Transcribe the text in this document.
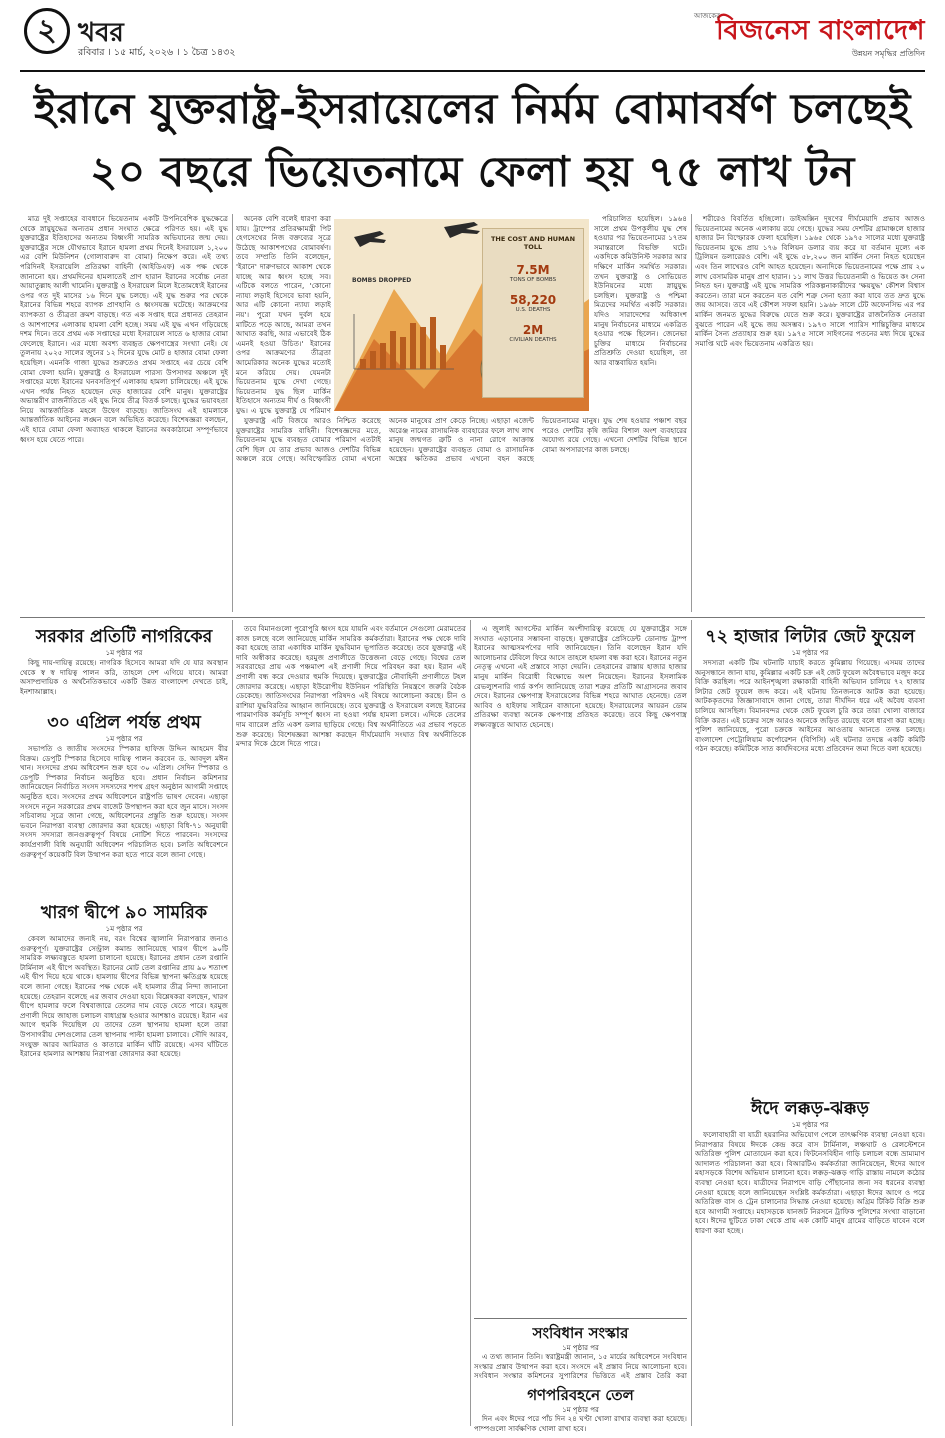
২ খবর
রবিবার । ১৫ মার্চ, ২০২৬ । ১ চৈত্র ১৪৩২
আজকের
বিজনেস বাংলাদেশ
উন্নয়ন সমৃদ্ধির প্রতিদিন
ইরানে যুক্তরাষ্ট্র-ইসরায়েলের নির্মম বোমাবর্ষণ চলছেই
২০ বছরে ভিয়েতনামে ফেলা হয় ৭৫ লাখ টন

মাত্র দুই সপ্তাহের ব্যবধানে ভিয়েতনাম একটি উপনিবেশিক যুদ্ধক্ষেত্রে থেকে স্নায়ুযুদ্ধের অন্যতম প্রধান সংঘাত ক্ষেত্রে পরিণত হয়। এই যুদ্ধ যুক্তরাষ্ট্রের ইতিহাসের অন্যতম বিধ্বংসী সামরিক অভিযানের জন্ম দেয়। যুক্তরাষ্ট্রের সঙ্গে যৌথভাবে ইরানে হামলা প্রথম দিনেই ইসরায়েল ১,২০০ এর বেশি মিউনিশন (গোলাবারুদ বা বোমা) নিক্ষেপ করে। এই তথ্য পরিদিনই ইসরায়েলি প্রতিরক্ষা বাহিনী (আইডিএফ) এক পক্ষ থেকে জানানো হয়। প্রথমদিনের হামলাতেই প্রাণ হারান ইরানের সর্বোচ্চ নেতা আয়াতুল্লাহ আলী খামেনি। যুক্তরাষ্ট্র ও ইসরায়েল মিলে ইতোমধ্যেই ইরানের ওপর গত দুই মাসের ১৬ দিনে যুদ্ধ চলছে। এই যুদ্ধ শুরুর পর থেকে ইরানের বিভিন্ন শহরে ব্যাপক প্রাণহানি ও ধ্বংসযজ্ঞ ঘটেছে। আক্রমণের ব্যাপকতা ও তীব্রতা ক্রমশ বাড়ছে। গত এক সপ্তাহ ধরে প্রধানত তেহরান ও আশপাশের এলাকায় হামলা বেশি হচ্ছে। সময় এই যুদ্ধ এখন গড়িয়েছে দশম দিনে। তবে প্রথম এক সপ্তাহের মধ্যে ইসরায়েল সাতে ৬ হাজার বোমা ফেলেছে ইরানে। এর মধ্যে অবশ্য ব্যবহৃত ক্ষেপণাস্ত্রের সংখ্যা নেই। যে তুলনায় ২০২৫ সালের জুনের ১২ দিনের যুদ্ধে মোট ৪ হাজার বোমা ফেলা হয়েছিল। এমনকি গাজা যুদ্ধের শুরুতেও প্রথম সপ্তাহে এর চেয়ে বেশি বোমা ফেলা হয়নি। যুক্তরাষ্ট্র ও ইসরায়েল পারস্য উপসাগর অঞ্চলে দুই সপ্তাহের মধ্যে ইরানের ঘনবসতিপূর্ণ এলাকায় হামলা চালিয়েছে। এই যুদ্ধে এখন পর্যন্ত নিহত হয়েছেন দেড় হাজারের বেশি মানুষ। যুক্তরাষ্ট্রের অভ্যন্তরীণ রাজনীতিতে এই যুদ্ধ নিয়ে তীব্র বিতর্ক চলছে। যুদ্ধের ভয়াবহতা নিয়ে আন্তর্জাতিক মহলে উদ্বেগ বাড়ছে। জাতিসংঘ এই হামলাকে আন্তর্জাতিক আইনের লঙ্ঘন বলে অভিহিত করেছে। বিশেষজ্ঞরা বলছেন, এই হারে বোমা ফেলা অব্যাহত থাকলে ইরানের অবকাঠামো সম্পূর্ণভাবে ধ্বংস হয়ে যেতে পারে।

অনেক বেশি বলেই ধারণা করা যায়। ট্রাম্পের প্রতিরক্ষামন্ত্রী পিট হেগসেথের নিজ বক্তব্যের সূত্রে উঠেছে আকাশপথের বোমাবর্ষণ। তবে সম্প্রতি তিনি বলেছেন, 'ইরানে' দারুণভাবে আকাশ থেকে যাচ্ছে আর ধ্বংস হচ্ছে সব। এটিকে বলতে পারেন, 'কোনো ন্যায্য লড়াই হিসেবে ভাবা হয়নি, আর এটি কোনো ন্যায্য লড়াই নয়'। পুরো যখন দুর্বল হয়ে মাটিতে পড়ে আছে, আমরা তখন আঘাত করছি, আর এভাবেই ঠিক এমনই হওয়া উচিত।' ইরানের ওপর আক্রমণের তীব্রতা আমেরিকার অনেক যুদ্ধের মতোই মনে করিয়ে দেয়। যেমনটা ভিয়েতনাম যুদ্ধে দেখা গেছে। ভিয়েতনাম যুদ্ধ ছিল মার্কিন ইতিহাসে অন্যতম দীর্ঘ ও বিধ্বংসী যুদ্ধ। এ যুদ্ধে যুক্তরাষ্ট্র যে পরিমাণ

BOMBS DROPPED
THE COST AND HUMAN TOLL
7.5M
TONS OF BOMBS
58,220
U.S. DEATHS
2M
CIVILIAN DEATHS

পরিচালিত হয়েছিল। ১৯৬৪ সালে প্রথম উপকূলীয় যুদ্ধ শেষ হওয়ার পর ভিয়েতনামের ১৭তম সমান্তরালে বিভক্তি ঘটে। একদিকে কমিউনিস্ট সরকার আর দক্ষিণে মার্কিন সমর্থিত সরকার। তখন যুক্তরাষ্ট্র ও সোভিয়েত ইউনিয়নের মধ্যে স্নায়ুযুদ্ধ চলছিল। যুক্তরাষ্ট্র ও পশ্চিমা মিত্রদের সমর্থিত একটি সরকার। যদিও সারাদেশের অধিকাংশ মানুষ নির্বাচনের মাধ্যমে একত্রিত হওয়ার পক্ষে ছিলেন। জেনেভা চুক্তির মাধ্যমে নির্বাচনের প্রতিশ্রুতি দেওয়া হয়েছিল, তা আর বাস্তবায়িত হয়নি।

যুক্তরাষ্ট্র এটি বিজয়ে আরও নিশ্চিত করেছে যুক্তরাষ্ট্রের সামরিক বাহিনী। বিশেষজ্ঞদের মতে, ভিয়েতনাম যুদ্ধে ব্যবহৃত বোমার পরিমাণ এতটাই বেশি ছিল যে তার প্রভাব আজও দেশটির বিভিন্ন অঞ্চলে রয়ে গেছে। অবিস্ফোরিত বোমা এখনো অনেক মানুষের প্রাণ কেড়ে নিচ্ছে। এছাড়া এজেন্ট অরেঞ্জ নামের রাসায়নিক ব্যবহারের ফলে লাখ লাখ মানুষ জন্মগত ত্রুটি ও নানা রোগে আক্রান্ত হয়েছেন। যুক্তরাষ্ট্রের ব্যবহৃত বোমা ও রাসায়নিক অস্ত্রের ক্ষতিকর প্রভাব এখনো বহন করছে ভিয়েতনামের মানুষ। যুদ্ধ শেষ হওয়ার পঞ্চাশ বছর পরেও দেশটির কৃষি জমির বিশাল অংশ ব্যবহারের অযোগ্য রয়ে গেছে। এখনো দেশটির বিভিন্ন স্থানে বোমা অপসারণের কাজ চলছে।

শরীরেও বিবর্তিত হচ্ছিলো। ডাইঅক্সিন দূষণের দীর্ঘমেয়াদি প্রভাব আজও ভিয়েতনামের অনেক এলাকায় রয়ে গেছে। যুদ্ধের সময় দেশটির গ্রামাঞ্চলে হাজার হাজার টন বিস্ফোরক ফেলা হয়েছিল। ১৯৬৫ থেকে ১৯৭৫ সালের মধ্যে যুক্তরাষ্ট্র ভিয়েতনাম যুদ্ধে প্রায় ১৭৬ বিলিয়ন ডলার ব্যয় করে যা বর্তমান মূল্যে এক ট্রিলিয়ন ডলারেরও বেশি। এই যুদ্ধে ৫৮,২০০ জন মার্কিন সেনা নিহত হয়েছেন এবং তিন লাখেরও বেশি আহত হয়েছেন। অন্যদিকে ভিয়েতনামের পক্ষে প্রায় ২০ লাখ বেসামরিক মানুষ প্রাণ হারান। ১১ লাখ উত্তর ভিয়েতনামী ও ভিয়েত কং সেনা নিহত হন। যুক্তরাষ্ট্র এই যুদ্ধে সামরিক পরিকল্পনাকারীদের 'ক্ষয়যুদ্ধ' কৌশল বিশ্বাস করতেন। তারা মনে করতেন যত বেশি শত্রু সেনা হত্যা করা যাবে তত দ্রুত যুদ্ধে জয় আসবে। তবে এই কৌশল সফল হয়নি। ১৯৬৮ সালে টেট অফেনসিভ এর পর মার্কিন জনমত যুদ্ধের বিরুদ্ধে যেতে শুরু করে। যুক্তরাষ্ট্রের রাজনৈতিক নেতারা বুঝতে পারেন এই যুদ্ধে জয় অসম্ভব। ১৯৭৩ সালে প্যারিস শান্তিচুক্তির মাধ্যমে মার্কিন সৈন্য প্রত্যাহার শুরু হয়। ১৯৭৫ সালে সাইগনের পতনের মধ্য দিয়ে যুদ্ধের সমাপ্তি ঘটে এবং ভিয়েতনাম একত্রিত হয়।

সরকার প্রতিটি নাগরিকের
১ম পৃষ্ঠার পর

কিছু দায়-দায়িত্ব রয়েছে। নাগরিক হিসেবে আমরা যদি যে যার অবস্থান থেকে স্ব স্ব দায়িত্ব পালন করি, তাহলে দেশ এগিয়ে যাবে। আমরা অসাম্প্রদায়িক ও অর্থনৈতিকভাবে একটি উন্নত বাংলাদেশ দেখতে চাই, ইনশাআল্লাহ।

৩০ এপ্রিল পর্যন্ত প্রথম
১ম পৃষ্ঠার পর

সভাপতি ও জাতীয় সংসদের স্পিকার হাফিজ উদ্দিন আহমেদ বীর বিক্রম। ডেপুটি স্পিকার হিসেবে দায়িত্ব পালন করবেন ড. আবদুল মঈন খান। সংসদের প্রথম অধিবেশন শুরু হবে ৩০ এপ্রিল। সেদিন স্পিকার ও ডেপুটি স্পিকার নির্বাচন অনুষ্ঠিত হবে। প্রধান নির্বাচন কমিশনার জানিয়েছেন নির্বাচিত সংসদ সদস্যদের শপথ গ্রহণ অনুষ্ঠান আগামী সপ্তাহে অনুষ্ঠিত হবে। সংসদের প্রথম অধিবেশনে রাষ্ট্রপতি ভাষণ দেবেন। এছাড়া সংসদে নতুন সরকারের প্রথম বাজেট উপস্থাপন করা হবে জুন মাসে। সংসদ সচিবালয় সূত্রে জানা গেছে, অধিবেশনের প্রস্তুতি শুরু হয়েছে। সংসদ ভবনে নিরাপত্তা ব্যবস্থা জোরদার করা হয়েছে। এছাড়া বিধি-৭১ অনুযায়ী সংসদ সদস্যরা জনগুরুত্বপূর্ণ বিষয়ে নোটিশ দিতে পারবেন। সংসদের কার্যপ্রণালী বিধি অনুযায়ী অধিবেশন পরিচালিত হবে। চলতি অধিবেশনে গুরুত্বপূর্ণ কয়েকটি বিল উত্থাপন করা হতে পারে বলে জানা গেছে।

খারগ দ্বীপে ৯০ সামরিক
১ম পৃষ্ঠার পর

কেবল আমাদের জন্যই নয়, বরং বিশ্বের জ্বালানি নিরাপত্তার জন্যও গুরুত্বপূর্ণ। যুক্তরাষ্ট্রের সেন্ট্রাল কমান্ড জানিয়েছে খারগ দ্বীপে ৯০টি সামরিক লক্ষ্যবস্তুতে হামলা চালানো হয়েছে। ইরানের প্রধান তেল রপ্তানি টার্মিনাল এই দ্বীপে অবস্থিত। ইরানের মোট তেল রপ্তানির প্রায় ৯০ শতাংশ এই দ্বীপ দিয়ে হয়ে থাকে। হামলায় দ্বীপের বিভিন্ন স্থাপনা ক্ষতিগ্রস্ত হয়েছে বলে জানা গেছে। ইরানের পক্ষ থেকে এই হামলার তীব্র নিন্দা জানানো হয়েছে। তেহরান বলেছে এর জবাব দেওয়া হবে। বিশ্লেষকরা বলছেন, খারগ দ্বীপে হামলার ফলে বিশ্ববাজারে তেলের দাম বেড়ে যেতে পারে। হরমুজ প্রণালী দিয়ে জাহাজ চলাচল বাধাগ্রস্ত হওয়ার আশঙ্কাও রয়েছে। ইরান এর আগে হুমকি দিয়েছিল যে তাদের তেল স্থাপনায় হামলা হলে তারা উপসাগরীয় দেশগুলোর তেল স্থাপনায় পাল্টা হামলা চালাবে। সৌদি আরব, সংযুক্ত আরব আমিরাত ও কাতারে মার্কিন ঘাঁটি রয়েছে। এসব ঘাঁটিতে ইরানের হামলার আশঙ্কায় নিরাপত্তা জোরদার করা হয়েছে।

তবে বিমানগুলো পুরোপুরি ধ্বংস হয়ে যায়নি এবং বর্তমানে সেগুলো মেরামতের কাজ চলছে বলে জানিয়েছে মার্কিন সামরিক কর্মকর্তারা। ইরানের পক্ষ থেকে দাবি করা হয়েছে তারা একাধিক মার্কিন যুদ্ধবিমান ভূপাতিত করেছে। তবে যুক্তরাষ্ট্র এই দাবি অস্বীকার করেছে। হরমুজ প্রণালীতে উত্তেজনা বেড়ে গেছে। বিশ্বের তেল সরবরাহের প্রায় এক পঞ্চমাংশ এই প্রণালী দিয়ে পরিবহন করা হয়। ইরান এই প্রণালী বন্ধ করে দেওয়ার হুমকি দিয়েছে। যুক্তরাষ্ট্রের নৌবাহিনী প্রণালীতে টহল জোরদার করেছে। এছাড়া ইউরোপীয় ইউনিয়ন পরিস্থিতি নিয়ন্ত্রণে জরুরি বৈঠক ডেকেছে। জাতিসংঘের নিরাপত্তা পরিষদও এই বিষয়ে আলোচনা করছে। চীন ও রাশিয়া যুদ্ধবিরতির আহ্বান জানিয়েছে। তবে যুক্তরাষ্ট্র ও ইসরায়েল বলছে ইরানের পারমাণবিক কর্মসূচি সম্পূর্ণ ধ্বংস না হওয়া পর্যন্ত হামলা চলবে। এদিকে তেলের দাম ব্যারেল প্রতি একশ ডলার ছাড়িয়ে গেছে। বিশ্ব অর্থনীতিতে এর প্রভাব পড়তে শুরু করেছে। বিশেষজ্ঞরা আশঙ্কা করছেন দীর্ঘমেয়াদি সংঘাত বিশ্ব অর্থনীতিকে মন্দার দিকে ঠেলে দিতে পারে।

এ জুলাই আগস্টের মার্কিন অংশীদারিত্ব রয়েছে যে যুক্তরাষ্ট্রের সঙ্গে সংঘাত এড়ানোর সম্ভাবনা বাড়ছে। যুক্তরাষ্ট্রের প্রেসিডেন্ট ডোনাল্ড ট্রাম্প ইরানের আত্মসমর্পণের দাবি জানিয়েছেন। তিনি বলেছেন ইরান যদি আলোচনার টেবিলে ফিরে আসে তাহলে হামলা বন্ধ করা হবে। ইরানের নতুন নেতৃত্ব এখনো এই প্রস্তাবে সাড়া দেয়নি। তেহরানের রাস্তায় হাজার হাজার মানুষ মার্কিন বিরোধী বিক্ষোভে অংশ নিয়েছেন। ইরানের ইসলামিক রেভল্যুশনারি গার্ড কর্পস জানিয়েছে তারা শত্রুর প্রতিটি আগ্রাসনের জবাব দেবে। ইরানের ক্ষেপণাস্ত্র ইসরায়েলের বিভিন্ন শহরে আঘাত হেনেছে। তেল আবিব ও হাইফায় সাইরেন বাজানো হয়েছে। ইসরায়েলের আয়রন ডোম প্রতিরক্ষা ব্যবস্থা অনেক ক্ষেপণাস্ত্র প্রতিহত করেছে। তবে কিছু ক্ষেপণাস্ত্র লক্ষ্যবস্তুতে আঘাত হেনেছে।

সংবিধান সংস্কার
১ম পৃষ্ঠার পর

এ তথ্য জানান তিনি। স্বরাষ্ট্রমন্ত্রী জানান, ১৫ মার্চের অধিবেশনে সংবিধান সংস্কার প্রস্তাব উত্থাপন করা হবে। সংসদে এই প্রস্তাব নিয়ে আলোচনা হবে। সংবিধান সংস্কার কমিশনের সুপারিশের ভিত্তিতে এই প্রস্তাব তৈরি করা

গণপরিবহনে তেল
১ম পৃষ্ঠার পর

দিন এবং ঈদের পরে পাঁচ দিন ২৪ ঘণ্টা খোলা রাখার ব্যবস্থা করা হয়েছে। পাম্পগুলো সার্বক্ষণিক খোলা রাখা হবে।

৭২ হাজার লিটার জেট ফুয়েল
১ম পৃষ্ঠার পর

সদস্যরা একটি টিম ঘটনাটি যাচাই করতে কুমিল্লায় গিয়েছে। এসময় তাদের অনুসন্ধানে জানা যায়, কুমিল্লার একটি চক্র এই জেট ফুয়েল অবৈধভাবে মজুদ করে বিক্রি করছিল। পরে আইনশৃঙ্খলা রক্ষাকারী বাহিনী অভিযান চালিয়ে ৭২ হাজার লিটার জেট ফুয়েল জব্দ করে। এই ঘটনায় তিনজনকে আটক করা হয়েছে। আটককৃতদের জিজ্ঞাসাবাদে জানা গেছে, তারা দীর্ঘদিন ধরে এই অবৈধ ব্যবসা চালিয়ে আসছিল। বিমানবন্দর থেকে জেট ফুয়েল চুরি করে তারা খোলা বাজারে বিক্রি করত। এই চক্রের সঙ্গে আরও অনেকে জড়িত রয়েছে বলে ধারণা করা হচ্ছে। পুলিশ জানিয়েছে, পুরো চক্রকে আইনের আওতায় আনতে তদন্ত চলছে। বাংলাদেশ পেট্রোলিয়াম কর্পোরেশন (বিপিসি) এই ঘটনার তদন্তে একটি কমিটি গঠন করেছে। কমিটিকে সাত কার্যদিবসের মধ্যে প্রতিবেদন জমা দিতে বলা হয়েছে।

ঈদে লক্কড়-ঝক্কড়
১ম পৃষ্ঠার পর

ফলোবাহারী বা যাত্রী হয়রানির অভিযোগ পেলে তাৎক্ষণিক ব্যবস্থা নেওয়া হবে। নিরাপত্তার বিষয়ে ঈদকে কেন্দ্র করে বাস টার্মিনাল, লঞ্চঘাট ও রেলস্টেশনে অতিরিক্ত পুলিশ মোতায়েন করা হবে। ফিটনেসবিহীন গাড়ি চলাচল বন্ধে ভ্রাম্যমাণ আদালত পরিচালনা করা হবে। বিআরটিএ কর্মকর্তারা জানিয়েছেন, ঈদের আগে মহাসড়কে বিশেষ অভিযান চালানো হবে। লক্কড়-ঝক্কড় গাড়ি রাস্তায় নামলে কঠোর ব্যবস্থা নেওয়া হবে। যাত্রীদের নিরাপদে বাড়ি পৌঁছানোর জন্য সব ধরনের ব্যবস্থা নেওয়া হয়েছে বলে জানিয়েছেন সংশ্লিষ্ট কর্মকর্তারা। এছাড়া ঈদের আগে ও পরে অতিরিক্ত বাস ও ট্রেন চালানোর সিদ্ধান্ত নেওয়া হয়েছে। অগ্রিম টিকিট বিক্রি শুরু হবে আগামী সপ্তাহে। মহাসড়কে যানজট নিরসনে ট্রাফিক পুলিশের সংখ্যা বাড়ানো হবে। ঈদের ছুটিতে ঢাকা থেকে প্রায় এক কোটি মানুষ গ্রামের বাড়িতে যাবেন বলে ধারণা করা হচ্ছে।
